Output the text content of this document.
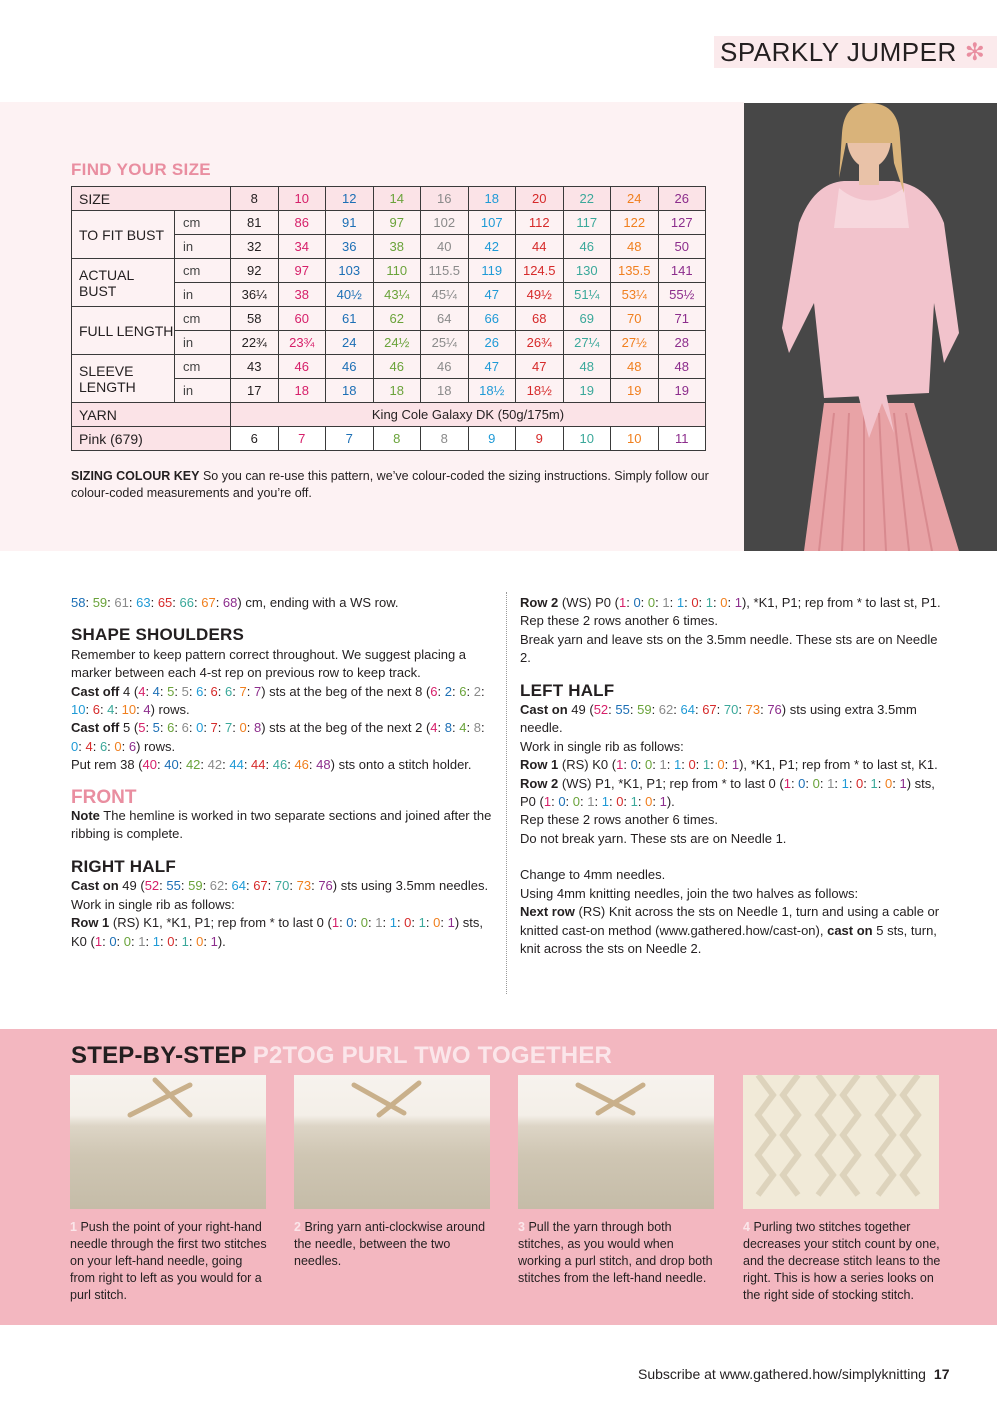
SPARKLY JUMPER ✻
FIND YOUR SIZE
SIZE		8	10	12	14	16	18	20	22	24	26
TO FIT BUST	cm	81	86	91	97	102	107	112	117	122	127
	in	32	34	36	38	40	42	44	46	48	50
ACTUAL BUST	cm	92	97	103	110	115.5	119	124.5	130	135.5	141
	in	36¼	38	40½	43¼	45¼	47	49½	51¼	53¼	55½
FULL LENGTH	cm	58	60	61	62	64	66	68	69	70	71
	in	22¾	23¾	24	24½	25¼	26	26¾	27¼	27½	28
SLEEVE LENGTH	cm	43	46	46	46	46	47	47	48	48	48
	in	17	18	18	18	18	18½	18½	19	19	19
YARN		King Cole Galaxy DK (50g/175m)									
Pink (679)		6	7	7	8	8	9	9	10	10	11
SIZING COLOUR KEY So you can re-use this pattern, we’ve colour-coded the sizing instructions. Simply follow our colour-coded measurements and you’re off.

58: 59: 61: 63: 65: 66: 67: 68) cm, ending with a WS row.

SHAPE SHOULDERS

Remember to keep pattern correct throughout. We suggest placing a marker between each 4-st rep on previous row to keep track.

Cast off 4 (4: 4: 5: 5: 6: 6: 6: 7: 7) sts at the beg of the next 8 (6: 2: 6: 2: 10: 6: 4: 10: 4) rows.

Cast off 5 (5: 5: 6: 6: 0: 7: 7: 0: 8) sts at the beg of the next 2 (4: 8: 4: 8: 0: 4: 6: 0: 6) rows.

Put rem 38 (40: 40: 42: 42: 44: 44: 46: 46: 48) sts onto a stitch holder.

FRONT

Note The hemline is worked in two separate sections and joined after the ribbing is complete.

RIGHT HALF

Cast on 49 (52: 55: 59: 62: 64: 67: 70: 73: 76) sts using 3.5mm needles.

Work in single rib as follows:

Row 1 (RS) K1, *K1, P1; rep from * to last 0 (1: 0: 0: 1: 1: 0: 1: 0: 1) sts, K0 (1: 0: 0: 1: 1: 0: 1: 0: 1).

Row 2 (WS) P0 (1: 0: 0: 1: 1: 0: 1: 0: 1), *K1, P1; rep from * to last st, P1.

Rep these 2 rows another 6 times.

Break yarn and leave sts on the 3.5mm needle. These sts are on Needle 2.

LEFT HALF

Cast on 49 (52: 55: 59: 62: 64: 67: 70: 73: 76) sts using extra 3.5mm needle.

Work in single rib as follows:

Row 1 (RS) K0 (1: 0: 0: 1: 1: 0: 1: 0: 1), *K1, P1; rep from * to last st, K1.

Row 2 (WS) P1, *K1, P1; rep from * to last 0 (1: 0: 0: 1: 1: 0: 1: 0: 1) sts, P0 (1: 0: 0: 1: 1: 0: 1: 0: 1).

Rep these 2 rows another 6 times.

Do not break yarn. These sts are on Needle 1.

Change to 4mm needles.

Using 4mm knitting needles, join the two halves as follows:

Next row (RS) Knit across the sts on Needle 1, turn and using a cable or knitted cast-on method (www.gathered.how/cast-on), cast on 5 sts, turn, knit across the sts on Needle 2.

STEP-BY-STEP P2TOG PURL TWO TOGETHER
1 Push the point of your right-hand needle through the first two stitches on your left-hand needle, going from right to left as you would for a purl stitch.
2 Bring yarn anti-clockwise around the needle, between the two needles.
3 Pull the yarn through both stitches, as you would when working a purl stitch, and drop both stitches from the left-hand needle.
4 Purling two stitches together decreases your stitch count by one, and the decrease stitch leans to the right. This is how a series looks on the right side of stocking stitch.
Subscribe at www.gathered.how/simplyknitting 17
